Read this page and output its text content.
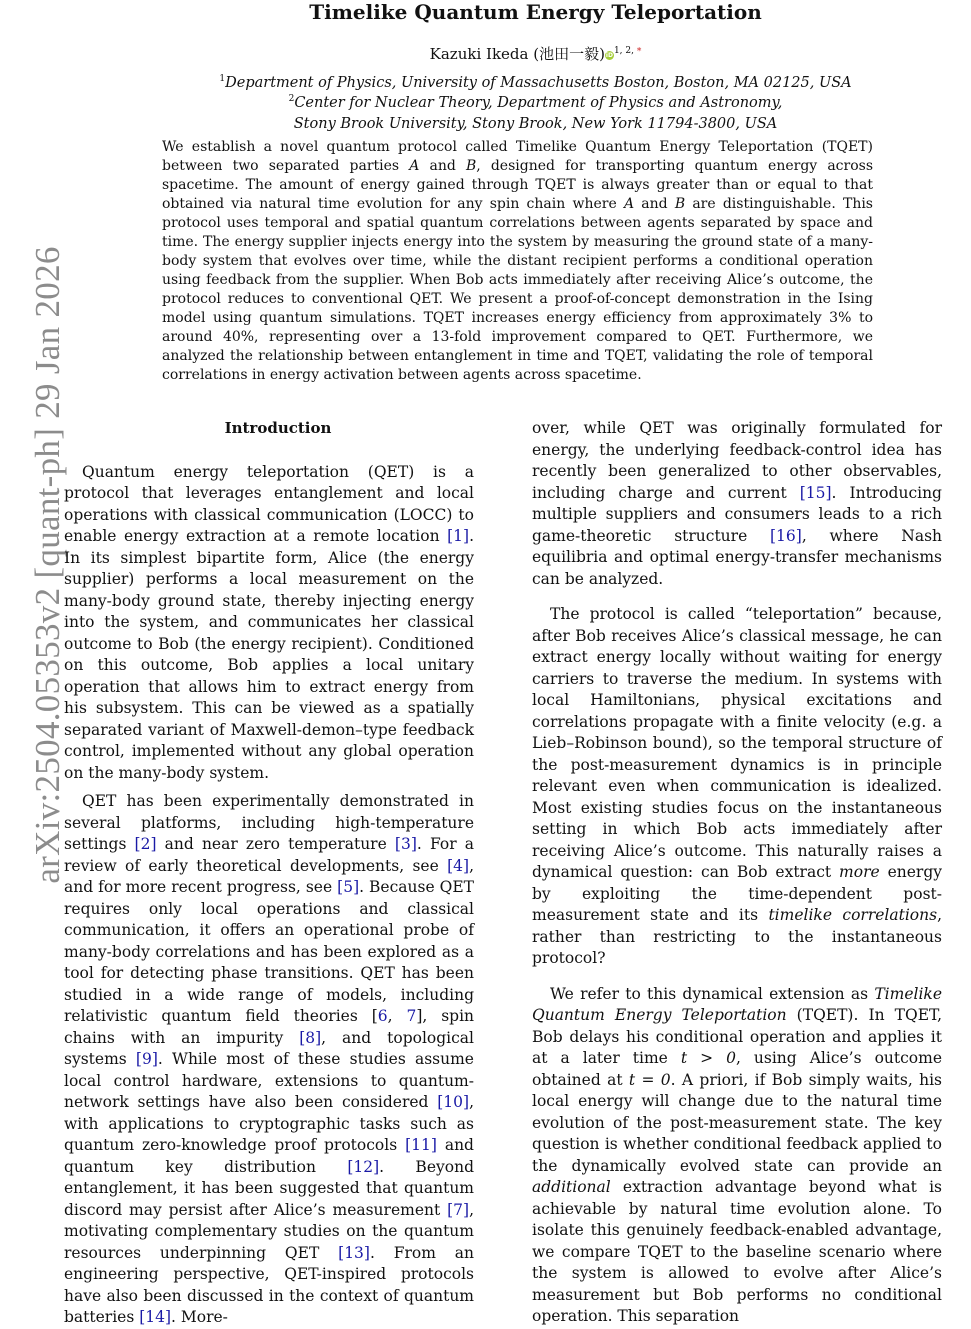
arXiv:2504.05353v2 [quant-ph] 29 Jan 2026
Timelike Quantum Energy Teleportation
Kazuki Ikeda (池田一毅)$iD^{1, 2,}$ *
$^1$Department of Physics, University of Massachusetts Boston, Boston, MA 02125, USA
$^2$Center for Nuclear Theory, Department of Physics and Astronomy,
Stony Brook University, Stony Brook, New York 11794-3800, USA
We establish a novel quantum protocol called Timelike Quantum Energy Teleportation (TQET) between two separated parties A and B, designed for transporting quantum energy across spacetime. The amount of energy gained through TQET is always greater than or equal to that obtained via natural time evolution for any spin chain where A and B are distinguishable. This protocol uses temporal and spatial quantum correlations between agents separated by space and time. The energy supplier injects energy into the system by measuring the ground state of a many-body system that evolves over time, while the distant recipient performs a conditional operation using feedback from the supplier. When Bob acts immediately after receiving Alice’s outcome, the protocol reduces to conventional QET. We present a proof-of-concept demonstration in the Ising model using quantum simulations. TQET increases energy efficiency from approximately 3% to around 40%, representing over a 13-fold improvement compared to QET. Furthermore, we analyzed the relationship between entanglement in time and TQET, validating the role of temporal correlations in energy activation between agents across spacetime.

Introduction

Quantum energy teleportation (QET) is a protocol that leverages entanglement and local operations with classical communication (LOCC) to enable energy extraction at a remote location [1]. In its simplest bipartite form, Alice (the energy supplier) performs a local measurement on the many-body ground state, thereby injecting energy into the system, and communicates her classical outcome to Bob (the energy recipient). Conditioned on this outcome, Bob applies a local unitary operation that allows him to extract energy from his subsystem. This can be viewed as a spatially separated variant of Maxwell-demon–type feedback control, implemented without any global operation on the many-body system.

QET has been experimentally demonstrated in several platforms, including high-temperature settings [2] and near zero temperature [3]. For a review of early theoretical developments, see [4], and for more recent progress, see [5]. Because QET requires only local operations and classical communication, it offers an operational probe of many-body correlations and has been explored as a tool for detecting phase transitions. QET has been studied in a wide range of models, including relativistic quantum field theories [6, 7], spin chains with an impurity [8], and topological systems [9]. While most of these studies assume local control hardware, extensions to quantum-network settings have also been considered [10], with applications to cryptographic tasks such as quantum zero-knowledge proof protocols [11] and quantum key distribution [12]. Beyond entanglement, it has been suggested that quantum discord may persist after Alice’s measurement [7], motivating complementary studies on the quantum resources underpinning QET [13]. From an engineering perspective, QET-inspired protocols have also been discussed in the context of quantum batteries [14]. More-

over, while QET was originally formulated for energy, the underlying feedback-control idea has recently been generalized to other observables, including charge and current [15]. Introducing multiple suppliers and consumers leads to a rich game-theoretic structure [16], where Nash equilibria and optimal energy-transfer mechanisms can be analyzed.

The protocol is called “teleportation” because, after Bob receives Alice’s classical message, he can extract energy locally without waiting for energy carriers to traverse the medium. In systems with local Hamiltonians, physical excitations and correlations propagate with a finite velocity (e.g. a Lieb–Robinson bound), so the temporal structure of the post-measurement dynamics is in principle relevant even when communication is idealized. Most existing studies focus on the instantaneous setting in which Bob acts immediately after receiving Alice’s outcome. This naturally raises a dynamical question: can Bob extract more energy by exploiting the time-dependent post-measurement state and its timelike correlations, rather than restricting to the instantaneous protocol?

We refer to this dynamical extension as Timelike Quantum Energy Teleportation (TQET). In TQET, Bob delays his conditional operation and applies it at a later time t > 0, using Alice’s outcome obtained at t = 0. A priori, if Bob simply waits, his local energy will change due to the natural time evolution of the post-measurement state. The key question is whether conditional feedback applied to the dynamically evolved state can provide an additional extraction advantage beyond what is achievable by natural time evolution alone. To isolate this genuinely feedback-enabled advantage, we compare TQET to the baseline scenario where the system is allowed to evolve after Alice’s measurement but Bob performs no conditional operation. This separation
